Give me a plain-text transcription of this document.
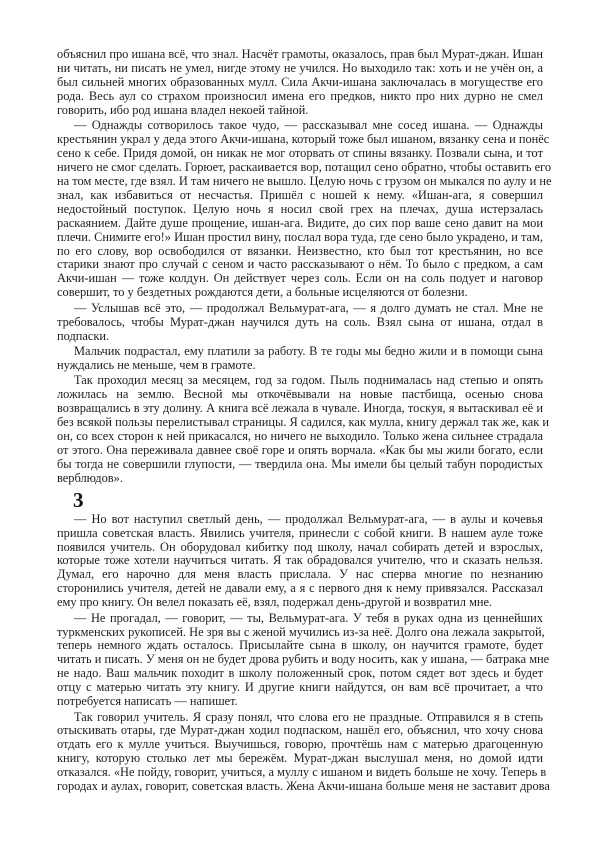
объяснил про ишана всё, что знал. Насчёт грамоты, оказалось, прав был Мурат-джан. Ишан
ни читать, ни писать не умел, нигде этому не учился. Но выходило так: хоть и не учён он, а
был сильней многих образованных мулл. Сила Акчи-ишана заключалась в могуществе его
рода. Весь аул со страхом произносил имена его предков, никто про них дурно не смел
говорить, ибо род ишана владел некоей тайной.
— Однажды сотворилось такое чудо, — рассказывал мне сосед ишана. — Однажды
крестьянин украл у деда этого Акчи-ишана, который тоже был ишаном, вязанку сена и понёс
сено к себе. Придя домой, он никак не мог оторвать от спины вязанку. Позвали сына, и тот
ничего не смог сделать. Горюет, раскаивается вор, потащил сено обратно, чтобы оставить его
на том месте, где взял. И там ничего не вышло. Целую ночь с грузом он мыкался по аулу и не
знал, как избавиться от несчастья. Пришёл с ношей к нему. «Ишан-ага, я совершил
недостойный поступок. Целую ночь я носил свой грех на плечах, душа истерзалась
раскаянием. Дайте душе прощение, ишан-ага. Видите, до сих пор ваше сено давит на мои
плечи. Снимите его!» Ишан простил вину, послал вора туда, где сено было украдено, и там,
по его слову, вор освободился от вязанки. Неизвестно, кто был тот крестьянин, но все
старики знают про случай с сеном и часто рассказывают о нём. То было с предком, а сам
Акчи-ишан — тоже колдун. Он действует через соль. Если он на соль подует и наговор
совершит, то у бездетных рождаются дети, а больные исцеляются от болезни.
— Услышав всё это, — продолжал Вельмурат-ага, — я долго думать не стал. Мне не
требовалось, чтобы Мурат-джан научился дуть на соль. Взял сына от ишана, отдал в
подпаски.
Мальчик подрастал, ему платили за работу. В те годы мы бедно жили и в помощи сына
нуждались не меньше, чем в грамоте.
Так проходил месяц за месяцем, год за годом. Пыль поднималась над степью и опять
ложилась на землю. Весной мы откочёвывали на новые пастбища, осенью снова
возвращались в эту долину. А книга всё лежала в чувале. Иногда, тоскуя, я вытаскивал её и
без всякой пользы перелистывал страницы. Я садился, как мулла, книгу держал так же, как и
он, со всех сторон к ней прикасался, но ничего не выходило. Только жена сильнее страдала
от этого. Она переживала давнее своё горе и опять ворчала. «Как бы мы жили богато, если
бы тогда не совершили глупости, — твердила она. Мы имели бы целый табун породистых
верблюдов».
3
— Но вот наступил светлый день, — продолжал Вельмурат-ага, — в аулы и кочевья
пришла советская власть. Явились учителя, принесли с собой книги. В нашем ауле тоже
появился учитель. Он оборудовал кибитку под школу, начал собирать детей и взрослых,
которые тоже хотели научиться читать. Я так обрадовался учителю, что и сказать нельзя.
Думал, его нарочно для меня власть прислала. У нас сперва многие по незнанию
сторонились учителя, детей не давали ему, а я с первого дня к нему привязался. Рассказал
ему про книгу. Он велел показать её, взял, подержал день-другой и возвратил мне.
— Не прогадал, — говорит, — ты, Вельмурат-ага. У тебя в руках одна из ценнейших
туркменских рукописей. Не зря вы с женой мучились из-за неё. Долго она лежала закрытой,
теперь немного ждать осталось. Присылайте сына в школу, он научится грамоте, будет
читать и писать. У меня он не будет дрова рубить и воду носить, как у ишана, — батрака мне
не надо. Ваш мальчик походит в школу положенный срок, потом сядет вот здесь и будет
отцу с матерью читать эту книгу. И другие книги найдутся, он вам всё прочитает, а что
потребуется написать — напишет.
Так говорил учитель. Я сразу понял, что слова его не праздные. Отправился я в степь
отыскивать отары, где Мурат-джан ходил подпаском, нашёл его, объяснил, что хочу снова
отдать его к мулле учиться. Выучишься, говорю, прочтёшь нам с матерью драгоценную
книгу, которую столько лет мы бережём. Мурат-джан выслушал меня, но домой идти
отказался. «Не пойду, говорит, учиться, а муллу с ишаном и видеть больше не хочу. Теперь в
городах и аулах, говорит, советская власть. Жена Акчи-ишана больше меня не заставит дрова
